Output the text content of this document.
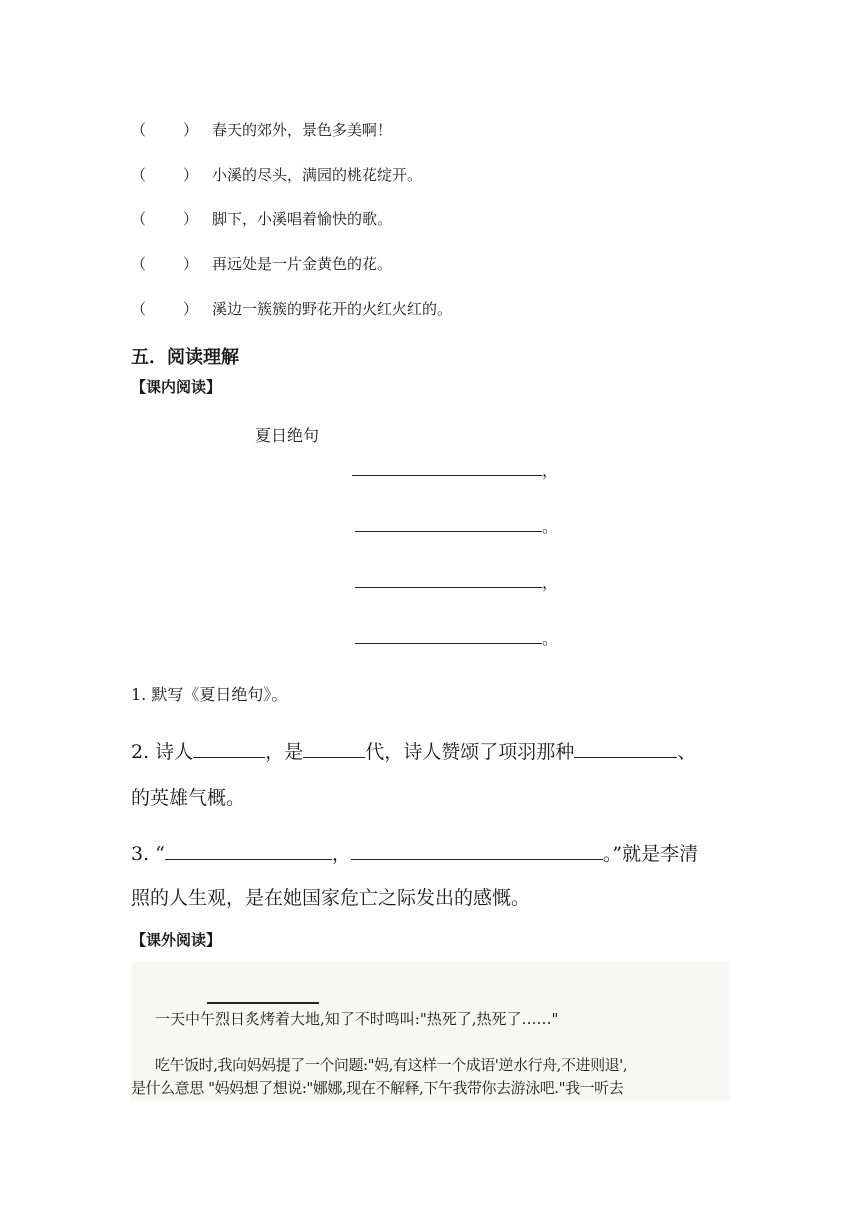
（ ） 春天的郊外，景色多美啊！
（ ） 小溪的尽头，满园的桃花绽开。
（ ） 脚下，小溪唱着愉快的歌。
（ ） 再远处是一片金黄色的花。
（ ） 溪边一簇簇的野花开的火红火红的。
五．阅读理解
【课内阅读】
夏日绝句
，
。
，
。
1. 默写《夏日绝句》。
2. 诗人	，是	代，诗人赞颂了项羽那种	、
的英雄气概。
3. “	，	。”就是李清
照的人生观，是在她国家危亡之际发出的感慨。
【课外阅读】
一天中午烈日炙烤着大地,知了不时鸣叫:"热死了,热死了……"
吃午饭时,我向妈妈提了一个问题:"妈,有这样一个成语'逆水行舟,不进则退',
是什么意思 "妈妈想了想说:"娜娜,现在不解释,下午我带你去游泳吧."我一听去
